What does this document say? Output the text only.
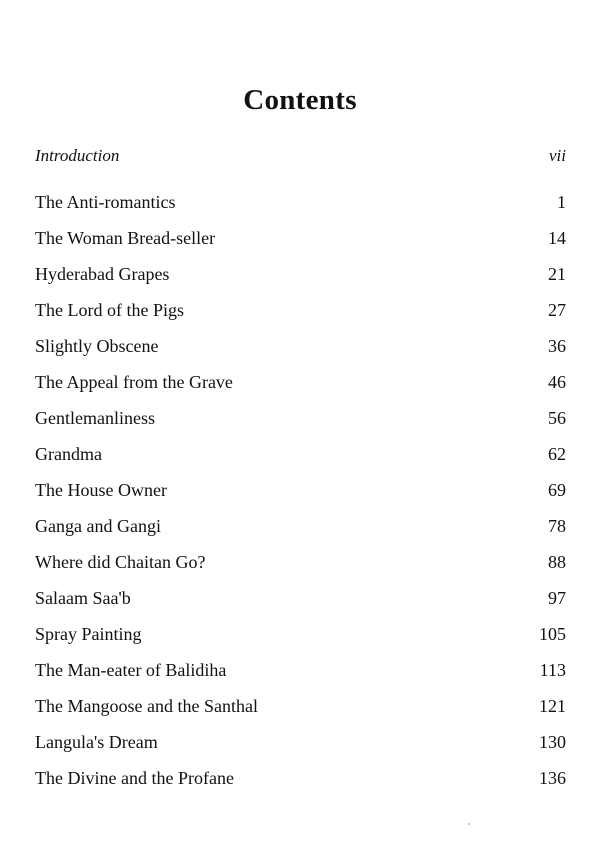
Contents
Introduction	vii
The Anti-romantics	1
The Woman Bread-seller	14
Hyderabad Grapes	21
The Lord of the Pigs	27
Slightly Obscene	36
The Appeal from the Grave	46
Gentlemanliness	56
Grandma	62
The House Owner	69
Ganga and Gangi	78
Where did Chaitan Go?	88
Salaam Saa'b	97
Spray Painting	105
The Man-eater of Balidiha	113
The Mangoose and the Santhal	121
Langula's Dream	130
The Divine and the Profane	136
